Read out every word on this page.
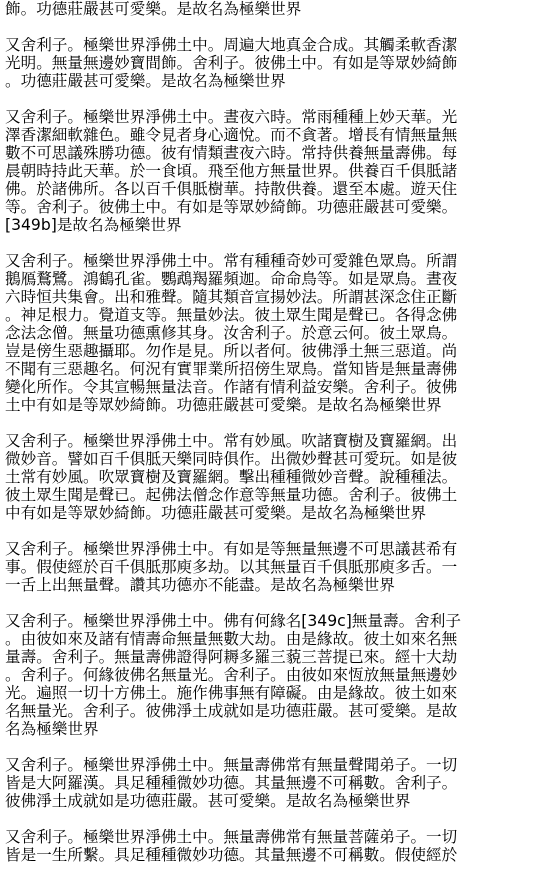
飾。功德莊嚴甚可愛樂。是故名為極樂世界
又舍利子。極樂世界淨佛土中。周遍大地真金合成。其觸柔軟香潔
光明。無量無邊妙寶間飾。舍利子。彼佛土中。有如是等眾妙綺飾
。功德莊嚴甚可愛樂。是故名為極樂世界
又舍利子。極樂世界淨佛土中。晝夜六時。常雨種種上妙天華。光
澤香潔細軟雜色。雖令見者身心適悅。而不貪著。增長有情無量無
數不可思議殊勝功德。彼有情類晝夜六時。常持供養無量壽佛。每
晨朝時持此天華。於一食頃。飛至他方無量世界。供養百千俱胝諸
佛。於諸佛所。各以百千俱胝樹華。持散供養。還至本處。遊天住
等。舍利子。彼佛土中。有如是等眾妙綺飾。功德莊嚴甚可愛樂。
[349b]是故名為極樂世界
又舍利子。極樂世界淨佛土中。常有種種奇妙可愛雜色眾鳥。所謂
鵝鴈鶩鷺。鴻鶴孔雀。鸚鵡羯羅頻迦。命命鳥等。如是眾鳥。晝夜
六時恒共集會。出和雅聲。隨其類音宣揚妙法。所謂甚深念住正斷
。神足根力。覺道支等。無量妙法。彼土眾生聞是聲已。各得念佛
念法念僧。無量功德熏修其身。汝舍利子。於意云何。彼土眾鳥。
豈是傍生惡趣攝耶。勿作是見。所以者何。彼佛淨土無三惡道。尚
不聞有三惡趣名。何況有實罪業所招傍生眾鳥。當知皆是無量壽佛
變化所作。令其宣暢無量法音。作諸有情利益安樂。舍利子。彼佛
土中有如是等眾妙綺飾。功德莊嚴甚可愛樂。是故名為極樂世界
又舍利子。極樂世界淨佛土中。常有妙風。吹諸寶樹及寶羅網。出
微妙音。譬如百千俱胝天樂同時俱作。出微妙聲甚可愛玩。如是彼
土常有妙風。吹眾寶樹及寶羅網。擊出種種微妙音聲。說種種法。
彼土眾生聞是聲已。起佛法僧念作意等無量功德。舍利子。彼佛土
中有如是等眾妙綺飾。功德莊嚴甚可愛樂。是故名為極樂世界
又舍利子。極樂世界淨佛土中。有如是等無量無邊不可思議甚希有
事。假使經於百千俱胝那庾多劫。以其無量百千俱胝那庾多舌。一
一舌上出無量聲。讚其功德亦不能盡。是故名為極樂世界
又舍利子。極樂世界淨佛土中。佛有何緣名[349c]無量壽。舍利子
。由彼如來及諸有情壽命無量無數大劫。由是緣故。彼土如來名無
量壽。舍利子。無量壽佛證得阿耨多羅三藐三菩提已來。經十大劫
。舍利子。何緣彼佛名無量光。舍利子。由彼如來恆放無量無邊妙
光。遍照一切十方佛土。施作佛事無有障礙。由是緣故。彼土如來
名無量光。舍利子。彼佛淨土成就如是功德莊嚴。甚可愛樂。是故
名為極樂世界
又舍利子。極樂世界淨佛土中。無量壽佛常有無量聲聞弟子。一切
皆是大阿羅漢。具足種種微妙功德。其量無邊不可稱數。舍利子。
彼佛淨土成就如是功德莊嚴。甚可愛樂。是故名為極樂世界
又舍利子。極樂世界淨佛土中。無量壽佛常有無量菩薩弟子。一切
皆是一生所繫。具足種種微妙功德。其量無邊不可稱數。假使經於
